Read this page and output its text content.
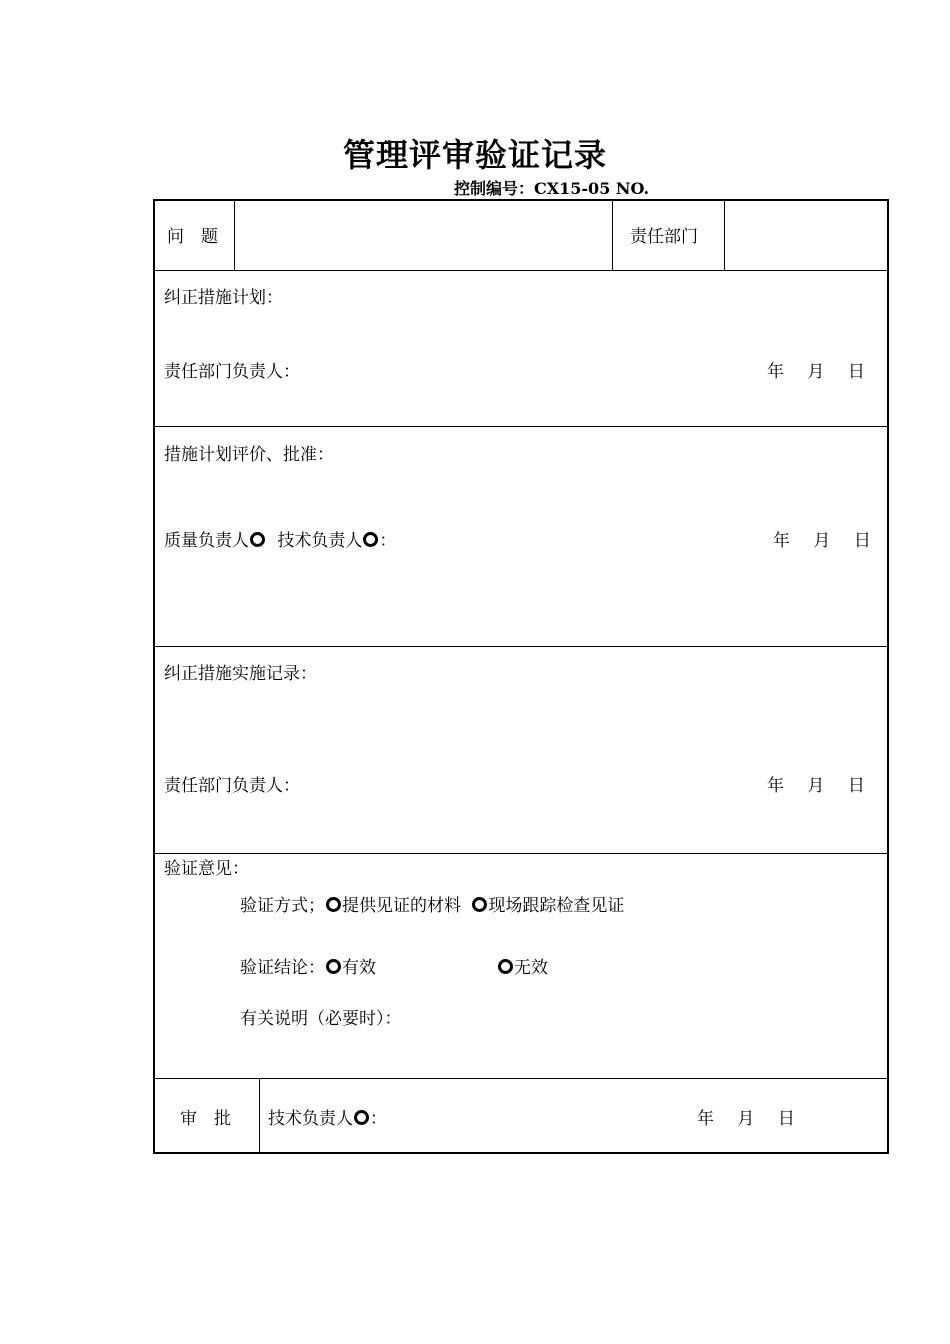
管理评审验证记录
控制编号：CX15-05 NO.
问　题	责任部门
纠正措施计划：
责任部门负责人：	年 月 日
措施计划评价、批准：
质量负责人 技术负责人 ：	年 月 日
纠正措施实施记录：
责任部门负责人：	年 月 日
验证意见：
验证方式； 提供见证的材料 现场跟踪检查见证
验证结论： 有效	无效
有关说明（必要时）：
审　批 技术负责人 ：	年 月 日
